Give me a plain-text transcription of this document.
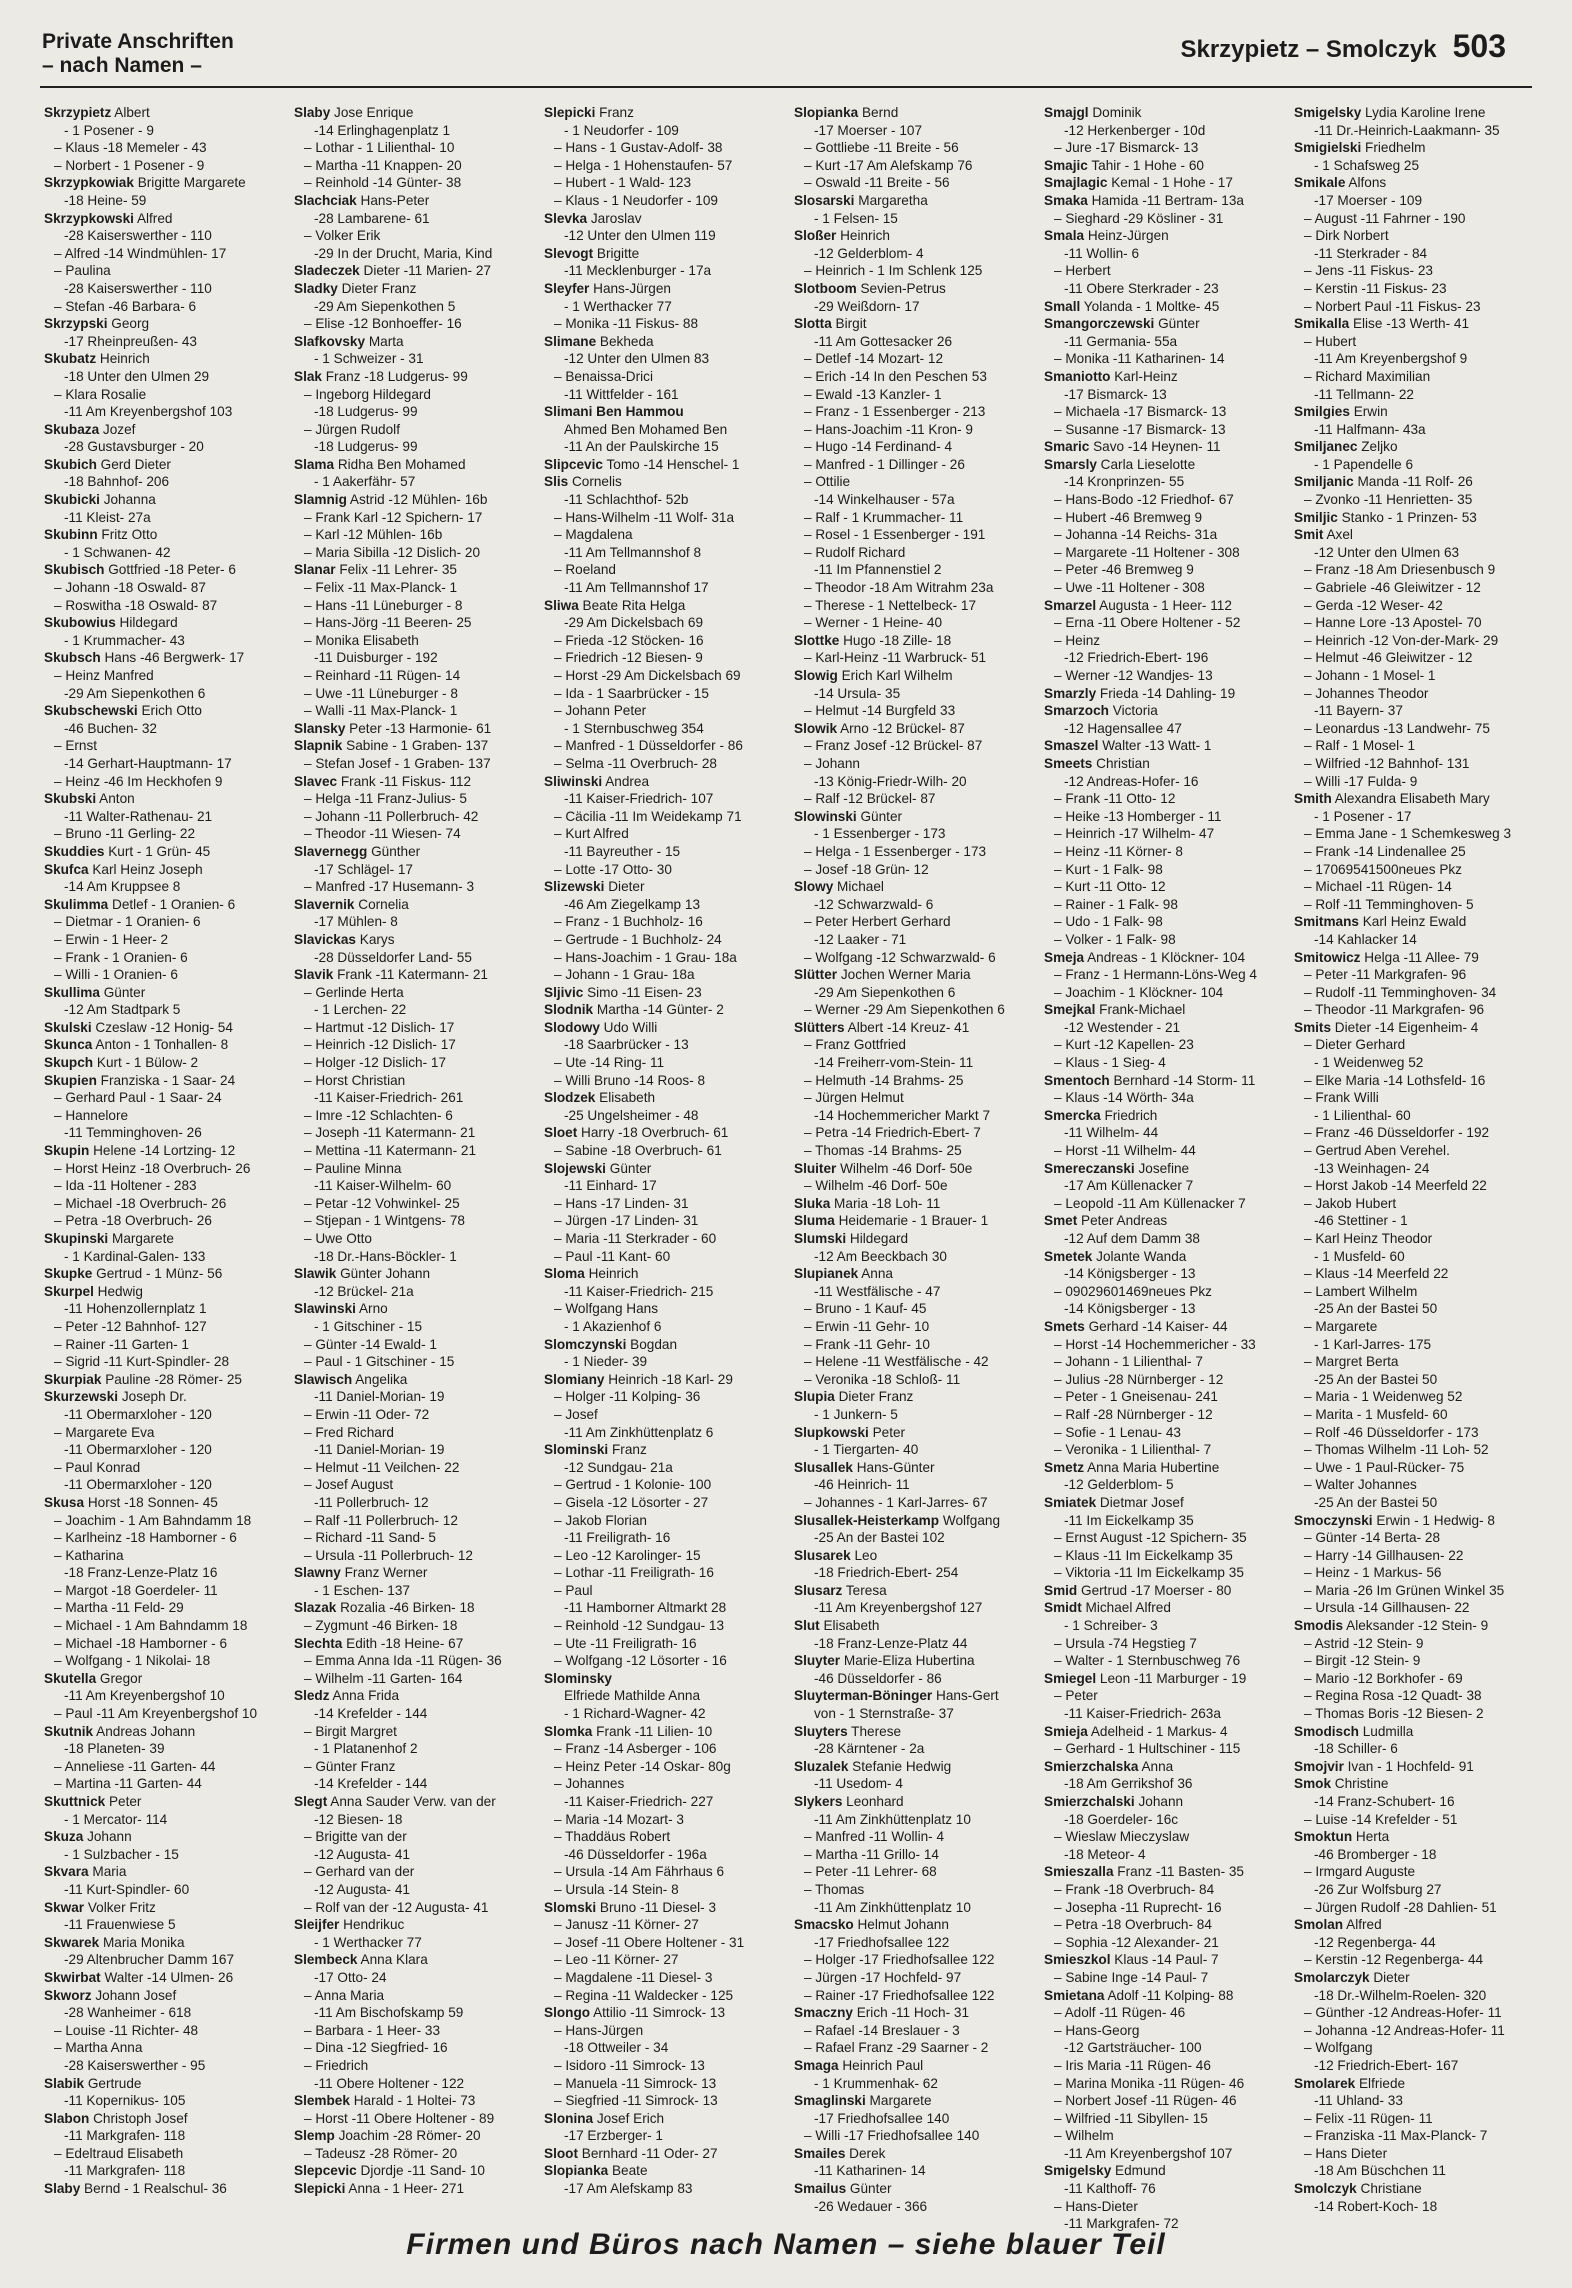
Private Anschriften
– nach Namen –
Skrzypietz – Smolczyk 503
Skrzypietz Albert
- 1 Posener - 9
– Klaus -18 Memeler - 43
– Norbert - 1 Posener - 9
Skrzypkowiak Brigitte Margarete
-18 Heine- 59
Skrzypkowski Alfred
-28 Kaiserswerther - 110
– Alfred -14 Windmühlen- 17
– Paulina
-28 Kaiserswerther - 110
– Stefan -46 Barbara- 6
Skrzypski Georg
-17 Rheinpreußen- 43
Skubatz Heinrich
-18 Unter den Ulmen 29
– Klara Rosalie
-11 Am Kreyenbergshof 103
Skubaza Jozef
-28 Gustavsburger - 20
Skubich Gerd Dieter
-18 Bahnhof- 206
Skubicki Johanna
-11 Kleist- 27a
Skubinn Fritz Otto
- 1 Schwanen- 42
Skubisch Gottfried -18 Peter- 6
– Johann -18 Oswald- 87
– Roswitha -18 Oswald- 87
Skubowius Hildegard
- 1 Krummacher- 43
Skubsch Hans -46 Bergwerk- 17
– Heinz Manfred
-29 Am Siepenkothen 6
Skubschewski Erich Otto
-46 Buchen- 32
– Ernst
-14 Gerhart-Hauptmann- 17
– Heinz -46 Im Heckhofen 9
Skubski Anton
-11 Walter-Rathenau- 21
– Bruno -11 Gerling- 22
Skuddies Kurt - 1 Grün- 45
Skufca Karl Heinz Joseph
-14 Am Kruppsee 8
Skulimma Detlef - 1 Oranien- 6
– Dietmar - 1 Oranien- 6
– Erwin - 1 Heer- 2
– Frank - 1 Oranien- 6
– Willi - 1 Oranien- 6
Skullima Günter
-12 Am Stadtpark 5
Skulski Czeslaw -12 Honig- 54
Skunca Anton - 1 Tonhallen- 8
Skupch Kurt - 1 Bülow- 2
Skupien Franziska - 1 Saar- 24
– Gerhard Paul - 1 Saar- 24
– Hannelore
-11 Temminghoven- 26
Skupin Helene -14 Lortzing- 12
– Horst Heinz -18 Overbruch- 26
– Ida -11 Holtener - 283
– Michael -18 Overbruch- 26
– Petra -18 Overbruch- 26
Skupinski Margarete
- 1 Kardinal-Galen- 133
Skupke Gertrud - 1 Münz- 56
Skurpel Hedwig
-11 Hohenzollernplatz 1
– Peter -12 Bahnhof- 127
– Rainer -11 Garten- 1
– Sigrid -11 Kurt-Spindler- 28
Skurpiak Pauline -28 Römer- 25
Skurzewski Joseph Dr.
-11 Obermarxloher - 120
– Margarete Eva
-11 Obermarxloher - 120
– Paul Konrad
-11 Obermarxloher - 120
Skusa Horst -18 Sonnen- 45
– Joachim - 1 Am Bahndamm 18
– Karlheinz -18 Hamborner - 6
– Katharina
-18 Franz-Lenze-Platz 16
– Margot -18 Goerdeler- 11
– Martha -11 Feld- 29
– Michael - 1 Am Bahndamm 18
– Michael -18 Hamborner - 6
– Wolfgang - 1 Nikolai- 18
Skutella Gregor
-11 Am Kreyenbergshof 10
– Paul -11 Am Kreyenbergshof 10
Skutnik Andreas Johann
-18 Planeten- 39
– Anneliese -11 Garten- 44
– Martina -11 Garten- 44
Skuttnick Peter
- 1 Mercator- 114
Skuza Johann
- 1 Sulzbacher - 15
Skvara Maria
-11 Kurt-Spindler- 60
Skwar Volker Fritz
-11 Frauenwiese 5
Skwarek Maria Monika
-29 Altenbrucher Damm 167
Skwirbat Walter -14 Ulmen- 26
Skworz Johann Josef
-28 Wanheimer - 618
– Louise -11 Richter- 48
– Martha Anna
-28 Kaiserswerther - 95
Slabik Gertrude
-11 Kopernikus- 105
Slabon Christoph Josef
-11 Markgrafen- 118
– Edeltraud Elisabeth
-11 Markgrafen- 118
Slaby Bernd - 1 Realschul- 36
Slaby Jose Enrique
-14 Erlinghagenplatz 1
– Lothar - 1 Lilienthal- 10
– Martha -11 Knappen- 20
– Reinhold -14 Günter- 38
Slachciak Hans-Peter
-28 Lambarene- 61
– Volker Erik
-29 In der Drucht, Maria, Kind
Sladeczek Dieter -11 Marien- 27
Sladky Dieter Franz
-29 Am Siepenkothen 5
– Elise -12 Bonhoeffer- 16
Slafkovsky Marta
- 1 Schweizer - 31
Slak Franz -18 Ludgerus- 99
– Ingeborg Hildegard
-18 Ludgerus- 99
– Jürgen Rudolf
-18 Ludgerus- 99
Slama Ridha Ben Mohamed
- 1 Aakerfähr- 57
Slamnig Astrid -12 Mühlen- 16b
– Frank Karl -12 Spichern- 17
– Karl -12 Mühlen- 16b
– Maria Sibilla -12 Dislich- 20
Slanar Felix -11 Lehrer- 35
– Felix -11 Max-Planck- 1
– Hans -11 Lüneburger - 8
– Hans-Jörg -11 Beeren- 25
– Monika Elisabeth
-11 Duisburger - 192
– Reinhard -11 Rügen- 14
– Uwe -11 Lüneburger - 8
– Walli -11 Max-Planck- 1
Slansky Peter -13 Harmonie- 61
Slapnik Sabine - 1 Graben- 137
– Stefan Josef - 1 Graben- 137
Slavec Frank -11 Fiskus- 112
– Helga -11 Franz-Julius- 5
– Johann -11 Pollerbruch- 42
– Theodor -11 Wiesen- 74
Slavernegg Günther
-17 Schlägel- 17
– Manfred -17 Husemann- 3
Slavernik Cornelia
-17 Mühlen- 8
Slavickas Karys
-28 Düsseldorfer Land- 55
Slavik Frank -11 Katermann- 21
– Gerlinde Herta
- 1 Lerchen- 22
– Hartmut -12 Dislich- 17
– Heinrich -12 Dislich- 17
– Holger -12 Dislich- 17
– Horst Christian
-11 Kaiser-Friedrich- 261
– Imre -12 Schlachten- 6
– Joseph -11 Katermann- 21
– Mettina -11 Katermann- 21
– Pauline Minna
-11 Kaiser-Wilhelm- 60
– Petar -12 Vohwinkel- 25
– Stjepan - 1 Wintgens- 78
– Uwe Otto
-18 Dr.-Hans-Böckler- 1
Slawik Günter Johann
-12 Brückel- 21a
Slawinski Arno
- 1 Gitschiner - 15
– Günter -14 Ewald- 1
– Paul - 1 Gitschiner - 15
Slawisch Angelika
-11 Daniel-Morian- 19
– Erwin -11 Oder- 72
– Fred Richard
-11 Daniel-Morian- 19
– Helmut -11 Veilchen- 22
– Josef August
-11 Pollerbruch- 12
– Ralf -11 Pollerbruch- 12
– Richard -11 Sand- 5
– Ursula -11 Pollerbruch- 12
Slawny Franz Werner
- 1 Eschen- 137
Slazak Rozalia -46 Birken- 18
– Zygmunt -46 Birken- 18
Slechta Edith -18 Heine- 67
– Emma Anna Ida -11 Rügen- 36
– Wilhelm -11 Garten- 164
Sledz Anna Frida
-14 Krefelder - 144
– Birgit Margret
- 1 Platanenhof 2
– Günter Franz
-14 Krefelder - 144
Slegt Anna Sauder Verw. van der
-12 Biesen- 18
– Brigitte van der
-12 Augusta- 41
– Gerhard van der
-12 Augusta- 41
– Rolf van der -12 Augusta- 41
Sleijfer Hendrikuc
- 1 Werthacker 77
Slembeck Anna Klara
-17 Otto- 24
– Anna Maria
-11 Am Bischofskamp 59
– Barbara - 1 Heer- 33
– Dina -12 Siegfried- 16
– Friedrich
-11 Obere Holtener - 122
Slembek Harald - 1 Holtei- 73
– Horst -11 Obere Holtener - 89
Slemp Joachim -28 Römer- 20
– Tadeusz -28 Römer- 20
Slepcevic Djordje -11 Sand- 10
Slepicki Anna - 1 Heer- 271
Slepicki Franz
- 1 Neudorfer - 109
– Hans - 1 Gustav-Adolf- 38
– Helga - 1 Hohenstaufen- 57
– Hubert - 1 Wald- 123
– Klaus - 1 Neudorfer - 109
Slevka Jaroslav
-12 Unter den Ulmen 119
Slevogt Brigitte
-11 Mecklenburger - 17a
Sleyfer Hans-Jürgen
- 1 Werthacker 77
– Monika -11 Fiskus- 88
Slimane Bekheda
-12 Unter den Ulmen 83
– Benaissa-Drici
-11 Wittfelder - 161
Slimani Ben Hammou
Ahmed Ben Mohamed Ben
-11 An der Paulskirche 15
Slipcevic Tomo -14 Henschel- 1
Slis Cornelis
-11 Schlachthof- 52b
– Hans-Wilhelm -11 Wolf- 31a
– Magdalena
-11 Am Tellmannshof 8
– Roeland
-11 Am Tellmannshof 17
Sliwa Beate Rita Helga
-29 Am Dickelsbach 69
– Frieda -12 Stöcken- 16
– Friedrich -12 Biesen- 9
– Horst -29 Am Dickelsbach 69
– Ida - 1 Saarbrücker - 15
– Johann Peter
- 1 Sternbuschweg 354
– Manfred - 1 Düsseldorfer - 86
– Selma -11 Overbruch- 28
Sliwinski Andrea
-11 Kaiser-Friedrich- 107
– Cäcilia -11 Im Weidekamp 71
– Kurt Alfred
-11 Bayreuther - 15
– Lotte -17 Otto- 30
Slizewski Dieter
-46 Am Ziegelkamp 13
– Franz - 1 Buchholz- 16
– Gertrude - 1 Buchholz- 24
– Hans-Joachim - 1 Grau- 18a
– Johann - 1 Grau- 18a
Sljivic Simo -11 Eisen- 23
Slodnik Martha -14 Günter- 2
Slodowy Udo Willi
-18 Saarbrücker - 13
– Ute -14 Ring- 11
– Willi Bruno -14 Roos- 8
Slodzek Elisabeth
-25 Ungelsheimer - 48
Sloet Harry -18 Overbruch- 61
– Sabine -18 Overbruch- 61
Slojewski Günter
-11 Einhard- 17
– Hans -17 Linden- 31
– Jürgen -17 Linden- 31
– Maria -11 Sterkrader - 60
– Paul -11 Kant- 60
Sloma Heinrich
-11 Kaiser-Friedrich- 215
– Wolfgang Hans
- 1 Akazienhof 6
Slomczynski Bogdan
- 1 Nieder- 39
Slomiany Heinrich -18 Karl- 29
– Holger -11 Kolping- 36
– Josef
-11 Am Zinkhüttenplatz 6
Slominski Franz
-12 Sundgau- 21a
– Gertrud - 1 Kolonie- 100
– Gisela -12 Lösorter - 27
– Jakob Florian
-11 Freiligrath- 16
– Leo -12 Karolinger- 15
– Lothar -11 Freiligrath- 16
– Paul
-11 Hamborner Altmarkt 28
– Reinhold -12 Sundgau- 13
– Ute -11 Freiligrath- 16
– Wolfgang -12 Lösorter - 16
Slominsky
Elfriede Mathilde Anna
- 1 Richard-Wagner- 42
Slomka Frank -11 Lilien- 10
– Franz -14 Asberger - 106
– Heinz Peter -14 Oskar- 80g
– Johannes
-11 Kaiser-Friedrich- 227
– Maria -14 Mozart- 3
– Thaddäus Robert
-46 Düsseldorfer - 196a
– Ursula -14 Am Fährhaus 6
– Ursula -14 Stein- 8
Slomski Bruno -11 Diesel- 3
– Janusz -11 Körner- 27
– Josef -11 Obere Holtener - 31
– Leo -11 Körner- 27
– Magdalene -11 Diesel- 3
– Regina -11 Waldecker - 125
Slongo Attilio -11 Simrock- 13
– Hans-Jürgen
-18 Ottweiler - 34
– Isidoro -11 Simrock- 13
– Manuela -11 Simrock- 13
– Siegfried -11 Simrock- 13
Slonina Josef Erich
-17 Erzberger- 1
Sloot Bernhard -11 Oder- 27
Slopianka Beate
-17 Am Alefskamp 83
Slopianka Bernd
-17 Moerser - 107
– Gottliebe -11 Breite - 56
– Kurt -17 Am Alefskamp 76
– Oswald -11 Breite - 56
Slosarski Margaretha
- 1 Felsen- 15
Sloßer Heinrich
-12 Gelderblom- 4
– Heinrich - 1 Im Schlenk 125
Slotboom Sevien-Petrus
-29 Weißdorn- 17
Slotta Birgit
-11 Am Gottesacker 26
– Detlef -14 Mozart- 12
– Erich -14 In den Peschen 53
– Ewald -13 Kanzler- 1
– Franz - 1 Essenberger - 213
– Hans-Joachim -11 Kron- 9
– Hugo -14 Ferdinand- 4
– Manfred - 1 Dillinger - 26
– Ottilie
-14 Winkelhauser - 57a
– Ralf - 1 Krummacher- 11
– Rosel - 1 Essenberger - 191
– Rudolf Richard
-11 Im Pfannenstiel 2
– Theodor -18 Am Witrahm 23a
– Therese - 1 Nettelbeck- 17
– Werner - 1 Heine- 40
Slottke Hugo -18 Zille- 18
– Karl-Heinz -11 Warbruck- 51
Slowig Erich Karl Wilhelm
-14 Ursula- 35
– Helmut -14 Burgfeld 33
Slowik Arno -12 Brückel- 87
– Franz Josef -12 Brückel- 87
– Johann
-13 König-Friedr-Wilh- 20
– Ralf -12 Brückel- 87
Slowinski Günter
- 1 Essenberger - 173
– Helga - 1 Essenberger - 173
– Josef -18 Grün- 12
Slowy Michael
-12 Schwarzwald- 6
– Peter Herbert Gerhard
-12 Laaker - 71
– Wolfgang -12 Schwarzwald- 6
Slütter Jochen Werner Maria
-29 Am Siepenkothen 6
– Werner -29 Am Siepenkothen 6
Slütters Albert -14 Kreuz- 41
– Franz Gottfried
-14 Freiherr-vom-Stein- 11
– Helmuth -14 Brahms- 25
– Jürgen Helmut
-14 Hochemmericher Markt 7
– Petra -14 Friedrich-Ebert- 7
– Thomas -14 Brahms- 25
Sluiter Wilhelm -46 Dorf- 50e
– Wilhelm -46 Dorf- 50e
Sluka Maria -18 Loh- 11
Sluma Heidemarie - 1 Brauer- 1
Slumski Hildegard
-12 Am Beeckbach 30
Slupianek Anna
-11 Westfälische - 47
– Bruno - 1 Kauf- 45
– Erwin -11 Gehr- 10
– Frank -11 Gehr- 10
– Helene -11 Westfälische - 42
– Veronika -18 Schloß- 11
Slupia Dieter Franz
- 1 Junkern- 5
Slupkowski Peter
- 1 Tiergarten- 40
Slusallek Hans-Günter
-46 Heinrich- 11
– Johannes - 1 Karl-Jarres- 67
Slusallek-Heisterkamp Wolfgang
-25 An der Bastei 102
Slusarek Leo
-18 Friedrich-Ebert- 254
Slusarz Teresa
-11 Am Kreyenbergshof 127
Slut Elisabeth
-18 Franz-Lenze-Platz 44
Sluyter Marie-Eliza Hubertina
-46 Düsseldorfer - 86
Sluyterman-Böninger Hans-Gert
von - 1 Sternstraße- 37
Sluyters Therese
-28 Kärntener - 2a
Sluzalek Stefanie Hedwig
-11 Usedom- 4
Slykers Leonhard
-11 Am Zinkhüttenplatz 10
– Manfred -11 Wollin- 4
– Martha -11 Grillo- 14
– Peter -11 Lehrer- 68
– Thomas
-11 Am Zinkhüttenplatz 10
Smacsko Helmut Johann
-17 Friedhofsallee 122
– Holger -17 Friedhofsallee 122
– Jürgen -17 Hochfeld- 97
– Rainer -17 Friedhofsallee 122
Smaczny Erich -11 Hoch- 31
– Rafael -14 Breslauer - 3
– Rafael Franz -29 Saarner - 2
Smaga Heinrich Paul
- 1 Krummenhak- 62
Smaglinski Margarete
-17 Friedhofsallee 140
– Willi -17 Friedhofsallee 140
Smailes Derek
-11 Katharinen- 14
Smailus Günter
-26 Wedauer - 366
Smajgl Dominik
-12 Herkenberger - 10d
– Jure -17 Bismarck- 13
Smajic Tahir - 1 Hohe - 60
Smajlagic Kemal - 1 Hohe - 17
Smaka Hamida -11 Bertram- 13a
– Sieghard -29 Kösliner - 31
Smala Heinz-Jürgen
-11 Wollin- 6
– Herbert
-11 Obere Sterkrader - 23
Small Yolanda - 1 Moltke- 45
Smangorczewski Günter
-11 Germania- 55a
– Monika -11 Katharinen- 14
Smaniotto Karl-Heinz
-17 Bismarck- 13
– Michaela -17 Bismarck- 13
– Susanne -17 Bismarck- 13
Smaric Savo -14 Heynen- 11
Smarsly Carla Lieselotte
-14 Kronprinzen- 55
– Hans-Bodo -12 Friedhof- 67
– Hubert -46 Bremweg 9
– Johanna -14 Reichs- 31a
– Margarete -11 Holtener - 308
– Peter -46 Bremweg 9
– Uwe -11 Holtener - 308
Smarzel Augusta - 1 Heer- 112
– Erna -11 Obere Holtener - 52
– Heinz
-12 Friedrich-Ebert- 196
– Werner -12 Wandjes- 13
Smarzly Frieda -14 Dahling- 19
Smarzoch Victoria
-12 Hagensallee 47
Smaszel Walter -13 Watt- 1
Smeets Christian
-12 Andreas-Hofer- 16
– Frank -11 Otto- 12
– Heike -13 Homberger - 11
– Heinrich -17 Wilhelm- 47
– Heinz -11 Körner- 8
– Kurt - 1 Falk- 98
– Kurt -11 Otto- 12
– Rainer - 1 Falk- 98
– Udo - 1 Falk- 98
– Volker - 1 Falk- 98
Smeja Andreas - 1 Klöckner- 104
– Franz - 1 Hermann-Löns-Weg 4
– Joachim - 1 Klöckner- 104
Smejkal Frank-Michael
-12 Westender - 21
– Kurt -12 Kapellen- 23
– Klaus - 1 Sieg- 4
Smentoch Bernhard -14 Storm- 11
– Klaus -14 Wörth- 34a
Smercka Friedrich
-11 Wilhelm- 44
– Horst -11 Wilhelm- 44
Smereczanski Josefine
-17 Am Küllenacker 7
– Leopold -11 Am Küllenacker 7
Smet Peter Andreas
-12 Auf dem Damm 38
Smetek Jolante Wanda
-14 Königsberger - 13
– 09029601469neues Pkz
-14 Königsberger - 13
Smets Gerhard -14 Kaiser- 44
– Horst -14 Hochemmericher - 33
– Johann - 1 Lilienthal- 7
– Julius -28 Nürnberger - 12
– Peter - 1 Gneisenau- 241
– Ralf -28 Nürnberger - 12
– Sofie - 1 Lenau- 43
– Veronika - 1 Lilienthal- 7
Smetz Anna Maria Hubertine
-12 Gelderblom- 5
Smiatek Dietmar Josef
-11 Im Eickelkamp 35
– Ernst August -12 Spichern- 35
– Klaus -11 Im Eickelkamp 35
– Viktoria -11 Im Eickelkamp 35
Smid Gertrud -17 Moerser - 80
Smidt Michael Alfred
- 1 Schreiber- 3
– Ursula -74 Hegstieg 7
– Walter - 1 Sternbuschweg 76
Smiegel Leon -11 Marburger - 19
– Peter
-11 Kaiser-Friedrich- 263a
Smieja Adelheid - 1 Markus- 4
– Gerhard - 1 Hultschiner - 115
Smierzchalska Anna
-18 Am Gerrikshof 36
Smierzchalski Johann
-18 Goerdeler- 16c
– Wieslaw Mieczyslaw
-18 Meteor- 4
Smieszalla Franz -11 Basten- 35
– Frank -18 Overbruch- 84
– Josepha -11 Ruprecht- 16
– Petra -18 Overbruch- 84
– Sophia -12 Alexander- 21
Smieszkol Klaus -14 Paul- 7
– Sabine Inge -14 Paul- 7
Smietana Adolf -11 Kolping- 88
– Adolf -11 Rügen- 46
– Hans-Georg
-12 Gartsträucher- 100
– Iris Maria -11 Rügen- 46
– Marina Monika -11 Rügen- 46
– Norbert Josef -11 Rügen- 46
– Wilfried -11 Sibyllen- 15
– Wilhelm
-11 Am Kreyenbergshof 107
Smigelsky Edmund
-11 Kalthoff- 76
– Hans-Dieter
-11 Markgrafen- 72
Smigelsky Lydia Karoline Irene
-11 Dr.-Heinrich-Laakmann- 35
Smigielski Friedhelm
- 1 Schafsweg 25
Smikale Alfons
-17 Moerser - 109
– August -11 Fahrner - 190
– Dirk Norbert
-11 Sterkrader - 84
– Jens -11 Fiskus- 23
– Kerstin -11 Fiskus- 23
– Norbert Paul -11 Fiskus- 23
Smikalla Elise -13 Werth- 41
– Hubert
-11 Am Kreyenbergshof 9
– Richard Maximilian
-11 Tellmann- 22
Smilgies Erwin
-11 Halfmann- 43a
Smiljanec Zeljko
- 1 Papendelle 6
Smiljanic Manda -11 Rolf- 26
– Zvonko -11 Henrietten- 35
Smiljic Stanko - 1 Prinzen- 53
Smit Axel
-12 Unter den Ulmen 63
– Franz -18 Am Driesenbusch 9
– Gabriele -46 Gleiwitzer - 12
– Gerda -12 Weser- 42
– Hanne Lore -13 Apostel- 70
– Heinrich -12 Von-der-Mark- 29
– Helmut -46 Gleiwitzer - 12
– Johann - 1 Mosel- 1
– Johannes Theodor
-11 Bayern- 37
– Leonardus -13 Landwehr- 75
– Ralf - 1 Mosel- 1
– Wilfried -12 Bahnhof- 131
– Willi -17 Fulda- 9
Smith Alexandra Elisabeth Mary
- 1 Posener - 17
– Emma Jane - 1 Schemkesweg 3
– Frank -14 Lindenallee 25
– 17069541500neues Pkz
– Michael -11 Rügen- 14
– Rolf -11 Temminghoven- 5
Smitmans Karl Heinz Ewald
-14 Kahlacker 14
Smitowicz Helga -11 Allee- 79
– Peter -11 Markgrafen- 96
– Rudolf -11 Temminghoven- 34
– Theodor -11 Markgrafen- 96
Smits Dieter -14 Eigenheim- 4
– Dieter Gerhard
- 1 Weidenweg 52
– Elke Maria -14 Lothsfeld- 16
– Frank Willi
- 1 Lilienthal- 60
– Franz -46 Düsseldorfer - 192
– Gertrud Aben Verehel.
-13 Weinhagen- 24
– Horst Jakob -14 Meerfeld 22
– Jakob Hubert
-46 Stettiner - 1
– Karl Heinz Theodor
- 1 Musfeld- 60
– Klaus -14 Meerfeld 22
– Lambert Wilhelm
-25 An der Bastei 50
– Margarete
- 1 Karl-Jarres- 175
– Margret Berta
-25 An der Bastei 50
– Maria - 1 Weidenweg 52
– Marita - 1 Musfeld- 60
– Rolf -46 Düsseldorfer - 173
– Thomas Wilhelm -11 Loh- 52
– Uwe - 1 Paul-Rücker- 75
– Walter Johannes
-25 An der Bastei 50
Smoczynski Erwin - 1 Hedwig- 8
– Günter -14 Berta- 28
– Harry -14 Gillhausen- 22
– Heinz - 1 Markus- 56
– Maria -26 Im Grünen Winkel 35
– Ursula -14 Gillhausen- 22
Smodis Aleksander -12 Stein- 9
– Astrid -12 Stein- 9
– Birgit -12 Stein- 9
– Mario -12 Borkhofer - 69
– Regina Rosa -12 Quadt- 38
– Thomas Boris -12 Biesen- 2
Smodisch Ludmilla
-18 Schiller- 6
Smojvir Ivan - 1 Hochfeld- 91
Smok Christine
-14 Franz-Schubert- 16
– Luise -14 Krefelder - 51
Smoktun Herta
-46 Bromberger - 18
– Irmgard Auguste
-26 Zur Wolfsburg 27
– Jürgen Rudolf -28 Dahlien- 51
Smolan Alfred
-12 Regenberga- 44
– Kerstin -12 Regenberga- 44
Smolarczyk Dieter
-18 Dr.-Wilhelm-Roelen- 320
– Günther -12 Andreas-Hofer- 11
– Johanna -12 Andreas-Hofer- 11
– Wolfgang
-12 Friedrich-Ebert- 167
Smolarek Elfriede
-11 Uhland- 33
– Felix -11 Rügen- 11
– Franziska -11 Max-Planck- 7
– Hans Dieter
-18 Am Büschchen 11
Smolczyk Christiane
-14 Robert-Koch- 18
Firmen und Büros nach Namen – siehe blauer Teil
